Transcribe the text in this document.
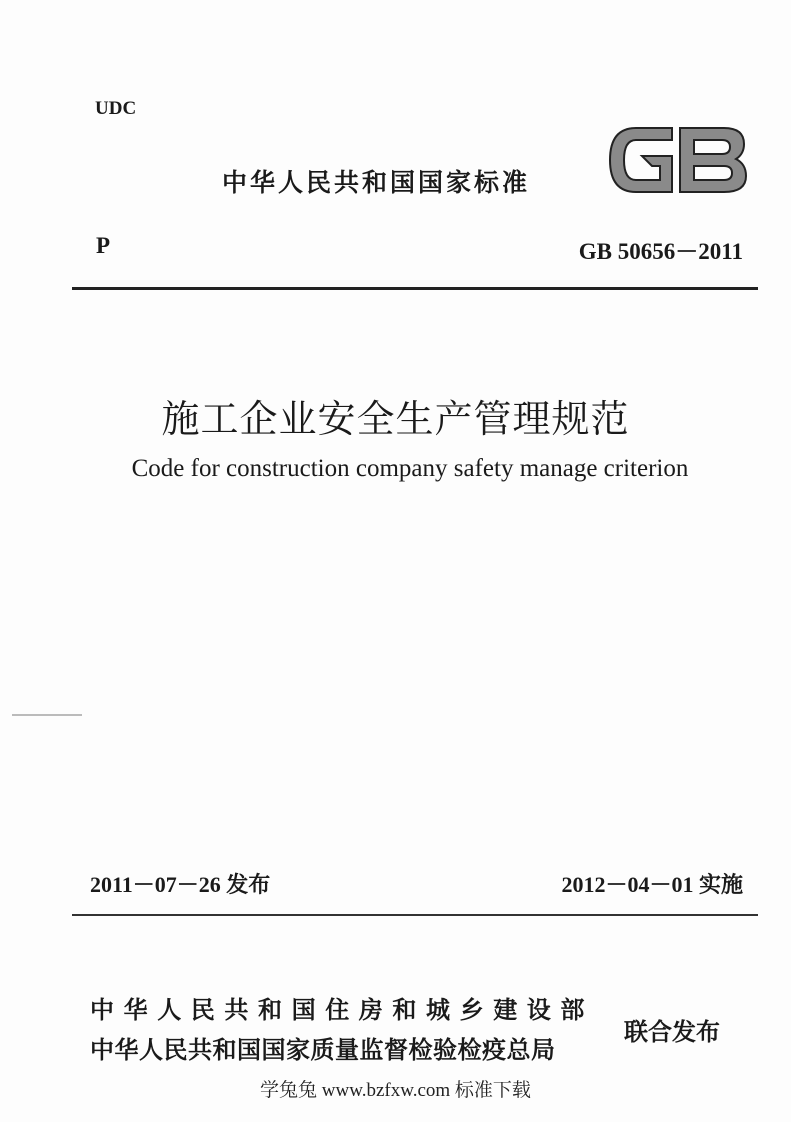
UDC
中华人民共和国国家标准
P	GB 50656－2011
施工企业安全生产管理规范
Code for construction company safety manage criterion
2011－07－26 发布	2012－04－01 实施
中华人民共和国住房和城乡建设部
中华人民共和国国家质量监督检验检疫总局
联合发布
学兔兔 www.bzfxw.com 标准下载
